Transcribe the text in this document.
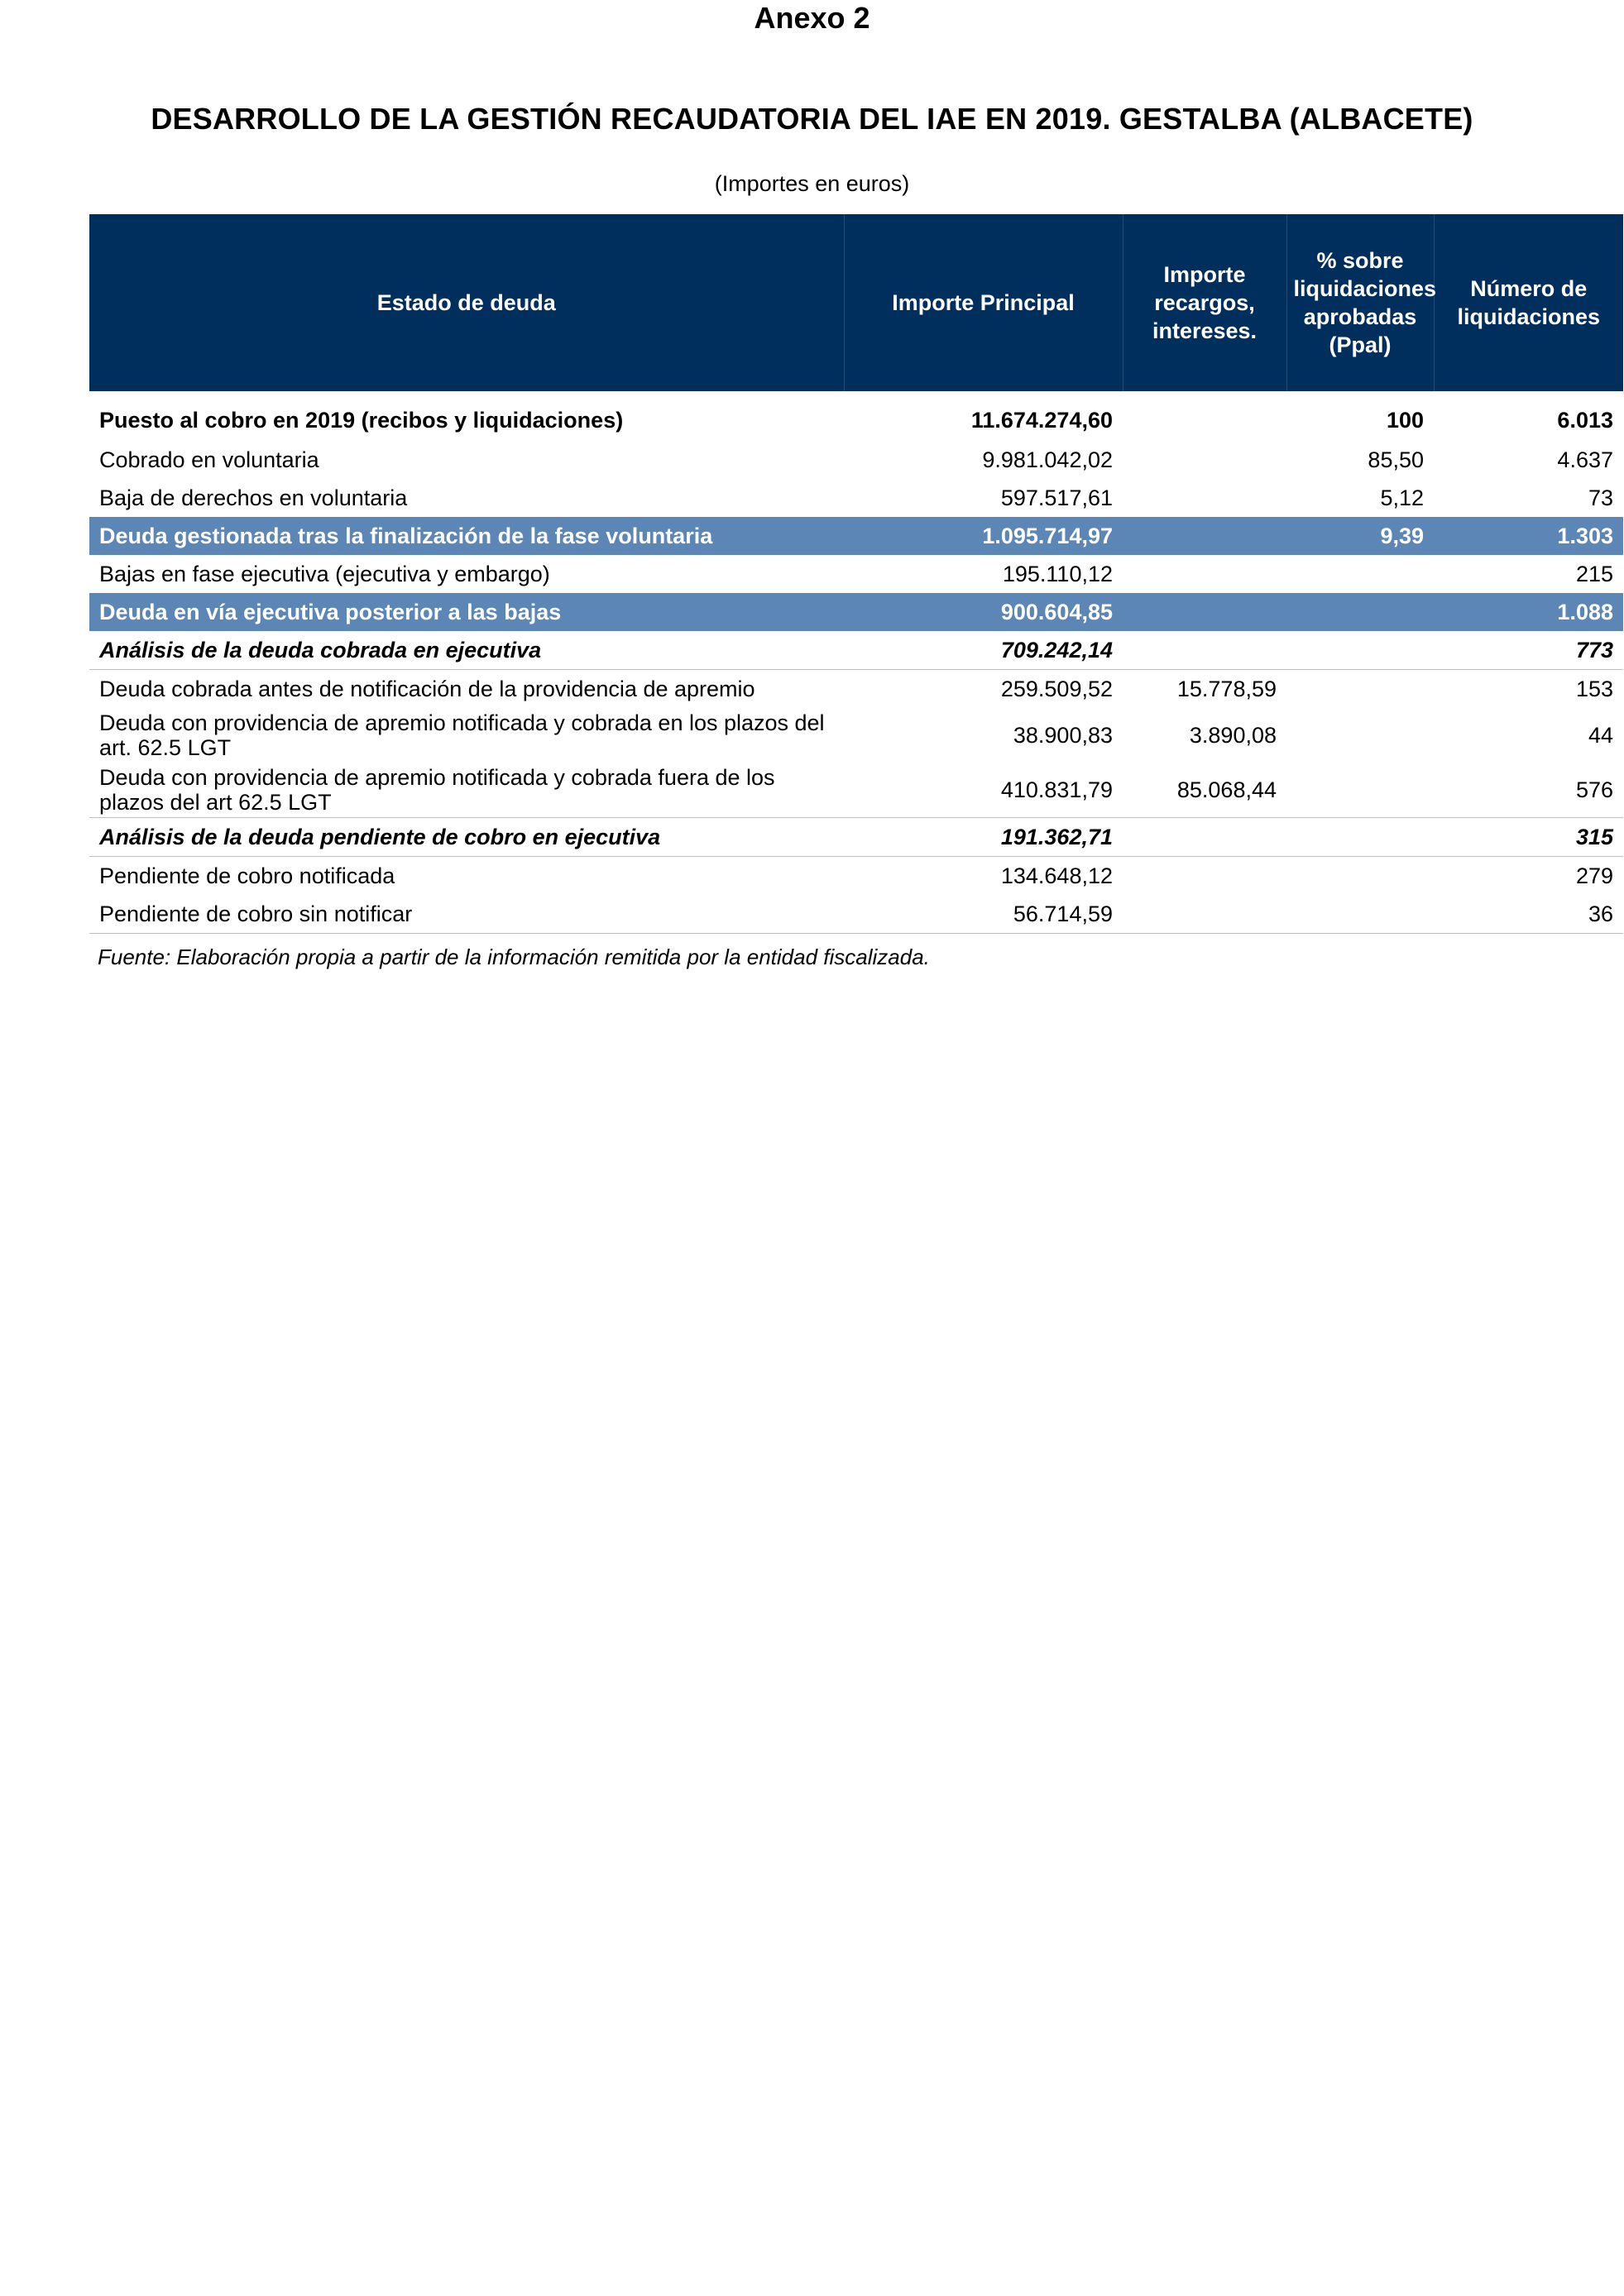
Anexo 2
DESARROLLO DE LA GESTIÓN RECAUDATORIA DEL IAE EN 2019. GESTALBA (ALBACETE)
(Importes en euros)
Estado de deuda	Importe Principal	Importe recargos, intereses.	% sobre liquidaciones aprobadas (Ppal)	Número de liquidaciones

Puesto al cobro en 2019 (recibos y liquidaciones)	11.674.274,60		100	6.013
Cobrado en voluntaria	9.981.042,02		85,50	4.637
Baja de derechos en voluntaria	597.517,61		5,12	73
Deuda gestionada tras la finalización de la fase voluntaria	1.095.714,97		9,39	1.303
Bajas en fase ejecutiva (ejecutiva y embargo)	195.110,12			215
Deuda en vía ejecutiva posterior a las bajas	900.604,85			1.088
Análisis de la deuda cobrada en ejecutiva	709.242,14			773
Deuda cobrada antes de notificación de la providencia de apremio	259.509,52	15.778,59		153
Deuda con providencia de apremio notificada y cobrada en los plazos del art. 62.5 LGT	38.900,83	3.890,08		44
Deuda con providencia de apremio notificada y cobrada fuera de los plazos del art 62.5 LGT	410.831,79	85.068,44		576
Análisis de la deuda pendiente de cobro en ejecutiva	191.362,71			315
Pendiente de cobro notificada	134.648,12			279
Pendiente de cobro sin notificar	56.714,59			36
Fuente: Elaboración propia a partir de la información remitida por la entidad fiscalizada.
